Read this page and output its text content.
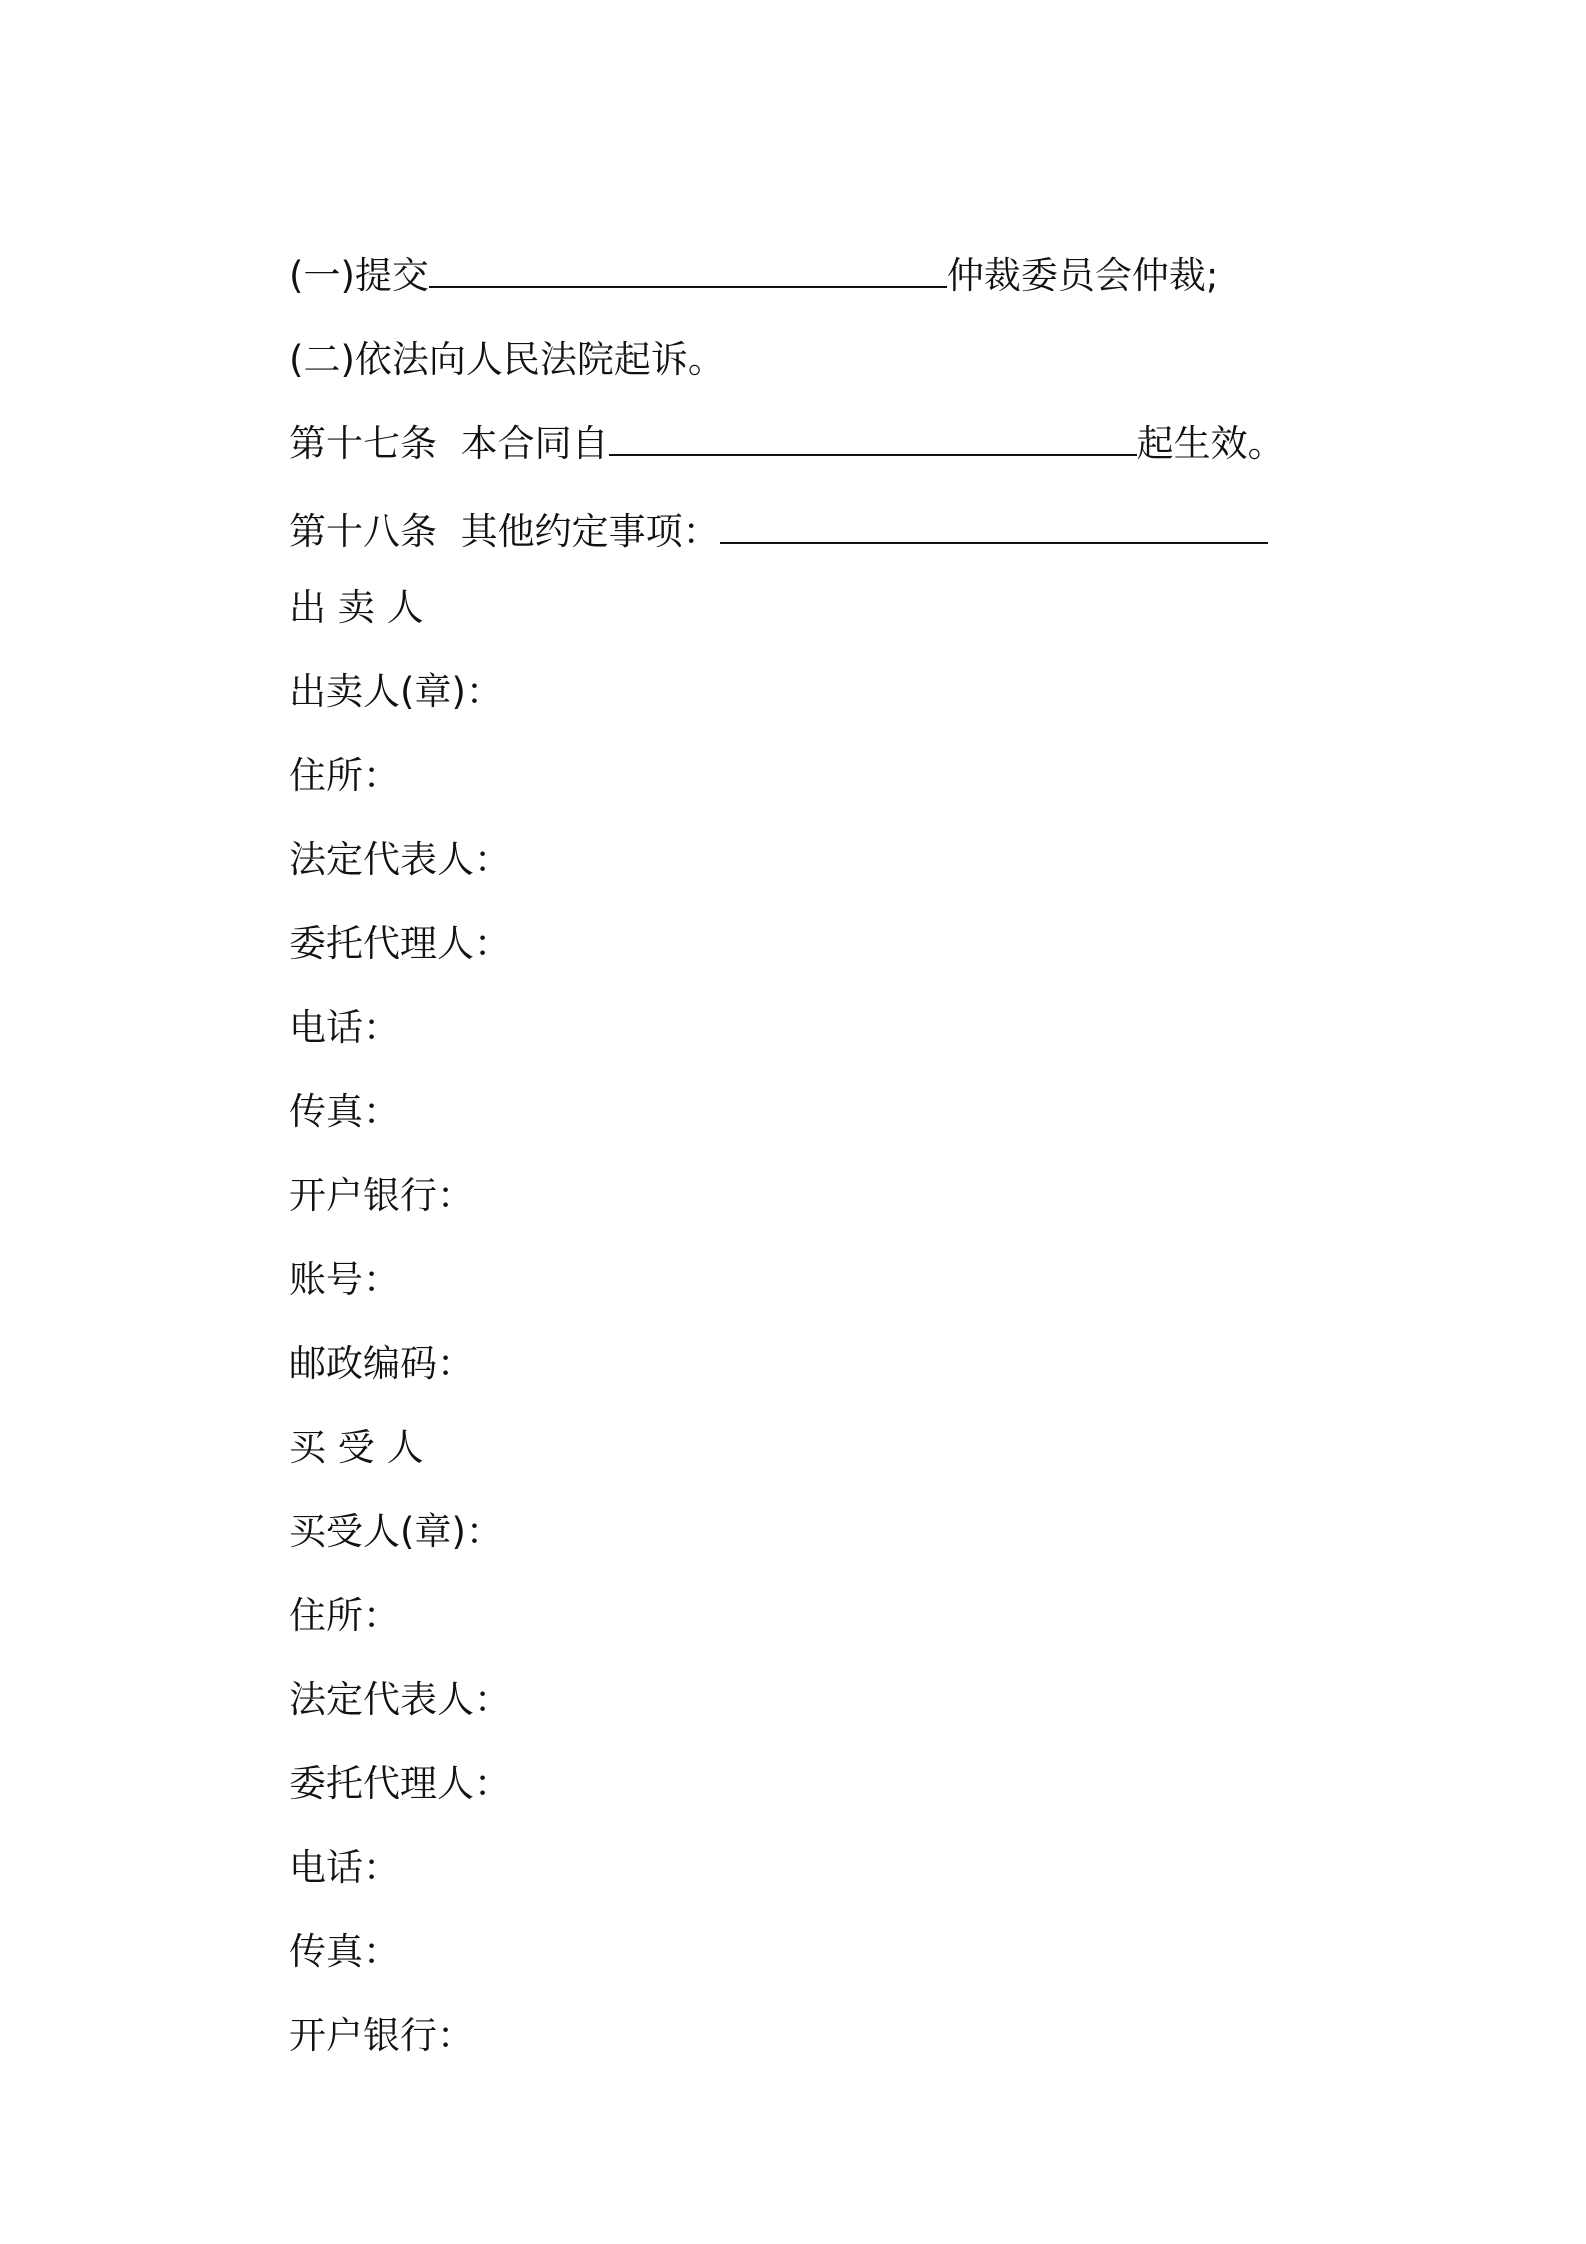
(一)提交	仲裁委员会仲裁;

(二)依法向人民法院起诉。

第十七条  本合同自	起生效。

第十八条  其他约定事项：

出 卖 人

出卖人(章)：

住所：

法定代表人：

委托代理人：

电话：

传真：

开户银行：

账号：

邮政编码：

买 受 人

买受人(章)：

住所：

法定代表人：

委托代理人：

电话：

传真：

开户银行：
